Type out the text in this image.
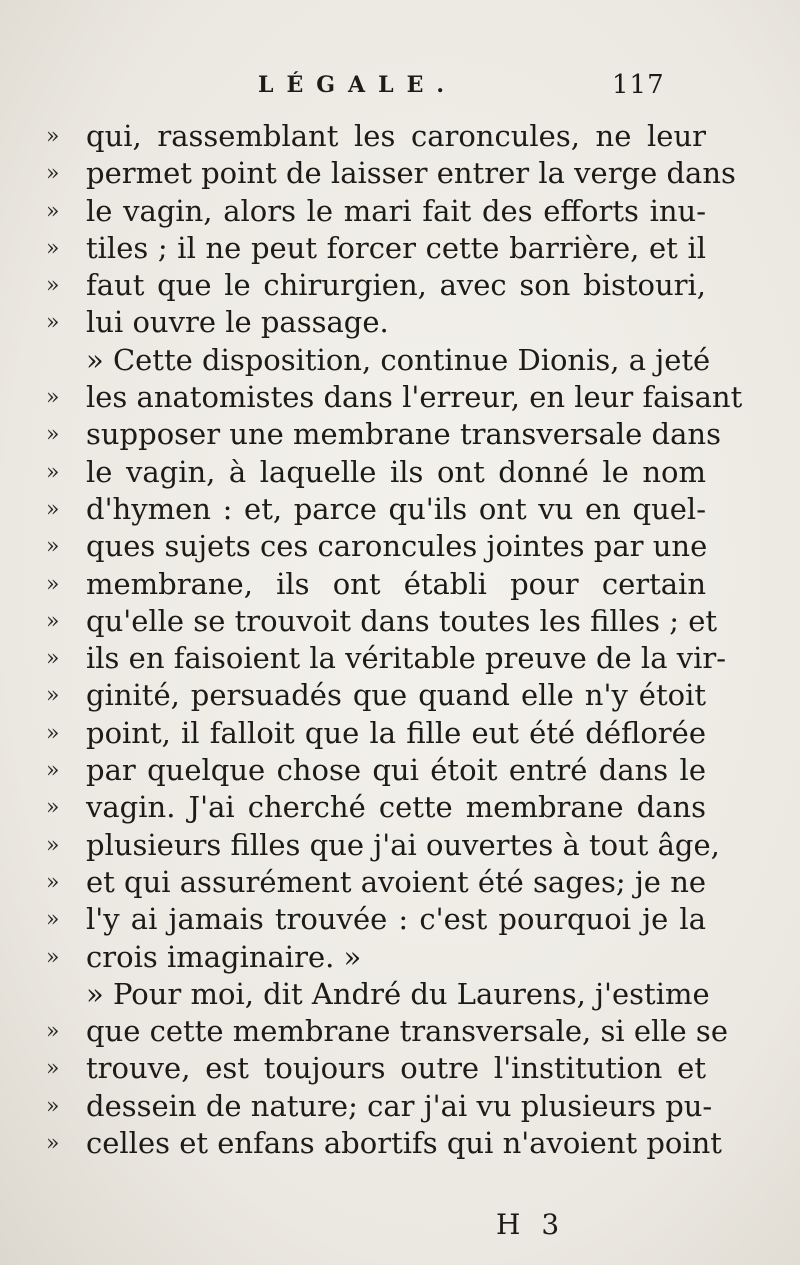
LÉGALE.	117
» qui, rassemblant les caroncules, ne leur
» permet point de laisser entrer la verge dans
» le vagin, alors le mari fait des efforts inu-
» tiles ; il ne peut forcer cette barrière, et il
» faut que le chirurgien, avec son bistouri,
» lui ouvre le passage.
» Cette disposition, continue Dionis, a jeté
» les anatomistes dans l'erreur, en leur faisant
» supposer une membrane transversale dans
» le vagin, à laquelle ils ont donné le nom
» d'hymen : et, parce qu'ils ont vu en quel-
» ques sujets ces caroncules jointes par une
» membrane, ils ont établi pour certain
» qu'elle se trouvoit dans toutes les filles ; et
» ils en faisoient la véritable preuve de la vir-
» ginité, persuadés que quand elle n'y étoit
» point, il falloit que la fille eut été déflorée
» par quelque chose qui étoit entré dans le
» vagin. J'ai cherché cette membrane dans
» plusieurs filles que j'ai ouvertes à tout âge,
» et qui assurément avoient été sages; je ne
» l'y ai jamais trouvée : c'est pourquoi je la
» crois imaginaire. »
» Pour moi, dit André du Laurens, j'estime
» que cette membrane transversale, si elle se
» trouve, est toujours outre l'institution et
» dessein de nature; car j'ai vu plusieurs pu-
» celles et enfans abortifs qui n'avoient point
H 3
